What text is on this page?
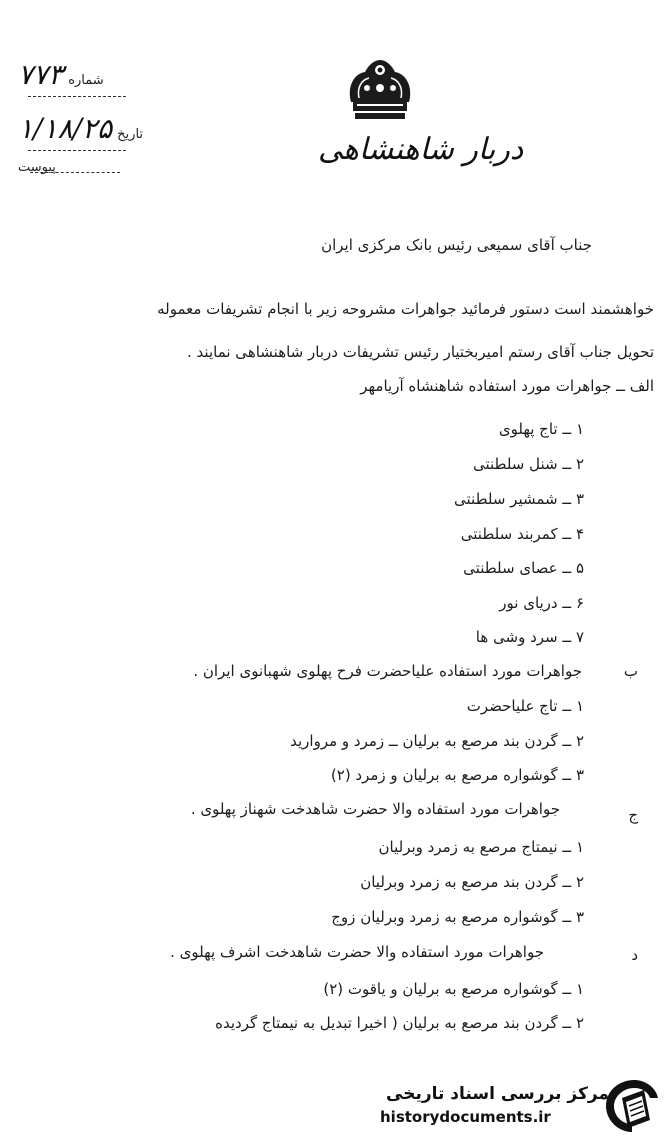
شماره ۷۷۳
تاریخ ۱/۱۸/۲۵
پیوست
دربار شاهنشاهی
جناب آقای سمیعی رئیس بانک مرکزی ایران
خواهشمند است دستور فرمائید جواهرات مشروحه زیر با انجام تشریفات معموله
تحویل جناب آقای رستم امیربختیار رئیس تشریفات دربار شاهنشاهی نمایند .
الف ــ جواهرات مورد استفاده شاهنشاه آریامهر
۱ ــ تاج پهلوی
۲ ــ شنل سلطنتی
۳ ــ شمشیر سلطنتی
۴ ــ کمربند سلطنتی
۵ ــ عصای سلطنتی
۶ ــ دریای نور
۷ ــ سرد وشی ها
ب
جواهرات مورد استفاده علیاحضرت فرح پهلوی شهبانوی ایران .
۱ ــ تاج علیاحضرت
۲ ــ گردن بند مرصع به برلیان ــ زمرد و مروارید
۳ ــ گوشواره مرصع به برلیان و زمرد (۲)
ج
جواهرات مورد استفاده والا حضرت شاهدخت شهناز پهلوی .
۱ ــ نیمتاج مرصع به زمرد وبرلیان
۲ ــ گردن بند مرصع به زمرد وبرلیان
۳ ــ گوشواره مرصع به زمرد وبرلیان زوج
د
جواهرات مورد استفاده والا حضرت شاهدخت اشرف پهلوی .
۱ ــ گوشواره مرصع به برلیان و یاقوت (۲)
۲ ــ گردن بند مرصع به برلیان ( اخیرا تبدیل به نیمتاج گردیده
مرکز بررسی اسناد تاریخی
historydocuments.ir
